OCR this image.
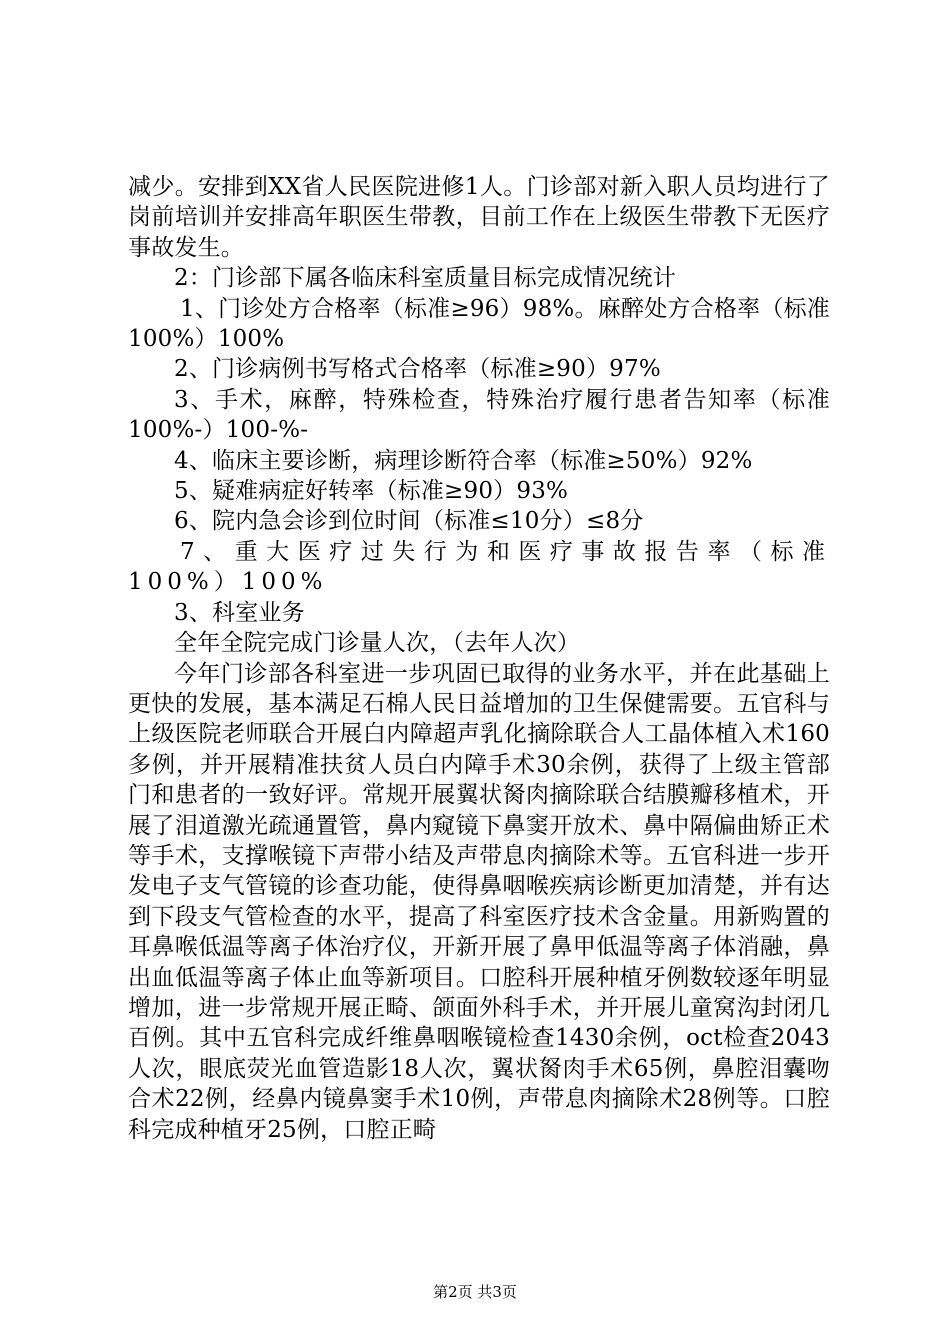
减少。安排到XX省人民医院进修1人。门诊部对新入职人员均进行了岗前培训并安排高年职医生带教，目前工作在上级医生带教下无医疗事故发生。

2：门诊部下属各临床科室质量目标完成情况统计

1、门诊处方合格率（标准≥96）98%。麻醉处方合格率（标准100%）100%

2、门诊病例书写格式合格率（标准≥90）97%

3、手术，麻醉，特殊检查，特殊治疗履行患者告知率（标准100%-）100-%-

4、临床主要诊断，病理诊断符合率（标准≥50%）92%

5、疑难病症好转率（标准≥90）93%

6、院内急会诊到位时间（标准≤10分）≤8分

7、重大医疗过失行为和医疗事故报告率（标准100%）100%

3、科室业务

全年全院完成门诊量人次，（去年人次）

今年门诊部各科室进一步巩固已取得的业务水平，并在此基础上更快的发展，基本满足石棉人民日益增加的卫生保健需要。五官科与上级医院老师联合开展白内障超声乳化摘除联合人工晶体植入术160多例，并开展精准扶贫人员白内障手术30余例，获得了上级主管部门和患者的一致好评。常规开展翼状胬肉摘除联合结膜瓣移植术，开展了泪道激光疏通置管，鼻内窥镜下鼻窦开放术、鼻中隔偏曲矫正术等手术，支撑喉镜下声带小结及声带息肉摘除术等。五官科进一步开发电子支气管镜的诊查功能，使得鼻咽喉疾病诊断更加清楚，并有达到下段支气管检查的水平，提高了科室医疗技术含金量。用新购置的耳鼻喉低温等离子体治疗仪，开新开展了鼻甲低温等离子体消融，鼻出血低温等离子体止血等新项目。口腔科开展种植牙例数较逐年明显增加，进一步常规开展正畸、颌面外科手术，并开展儿童窝沟封闭几百例。其中五官科完成纤维鼻咽喉镜检查1430余例，oct检查2043人次，眼底荧光血管造影18人次，翼状胬肉手术65例，鼻腔泪囊吻合术22例，经鼻内镜鼻窦手术10例，声带息肉摘除术28例等。口腔科完成种植牙25例，口腔正畸

第2页 共3页
